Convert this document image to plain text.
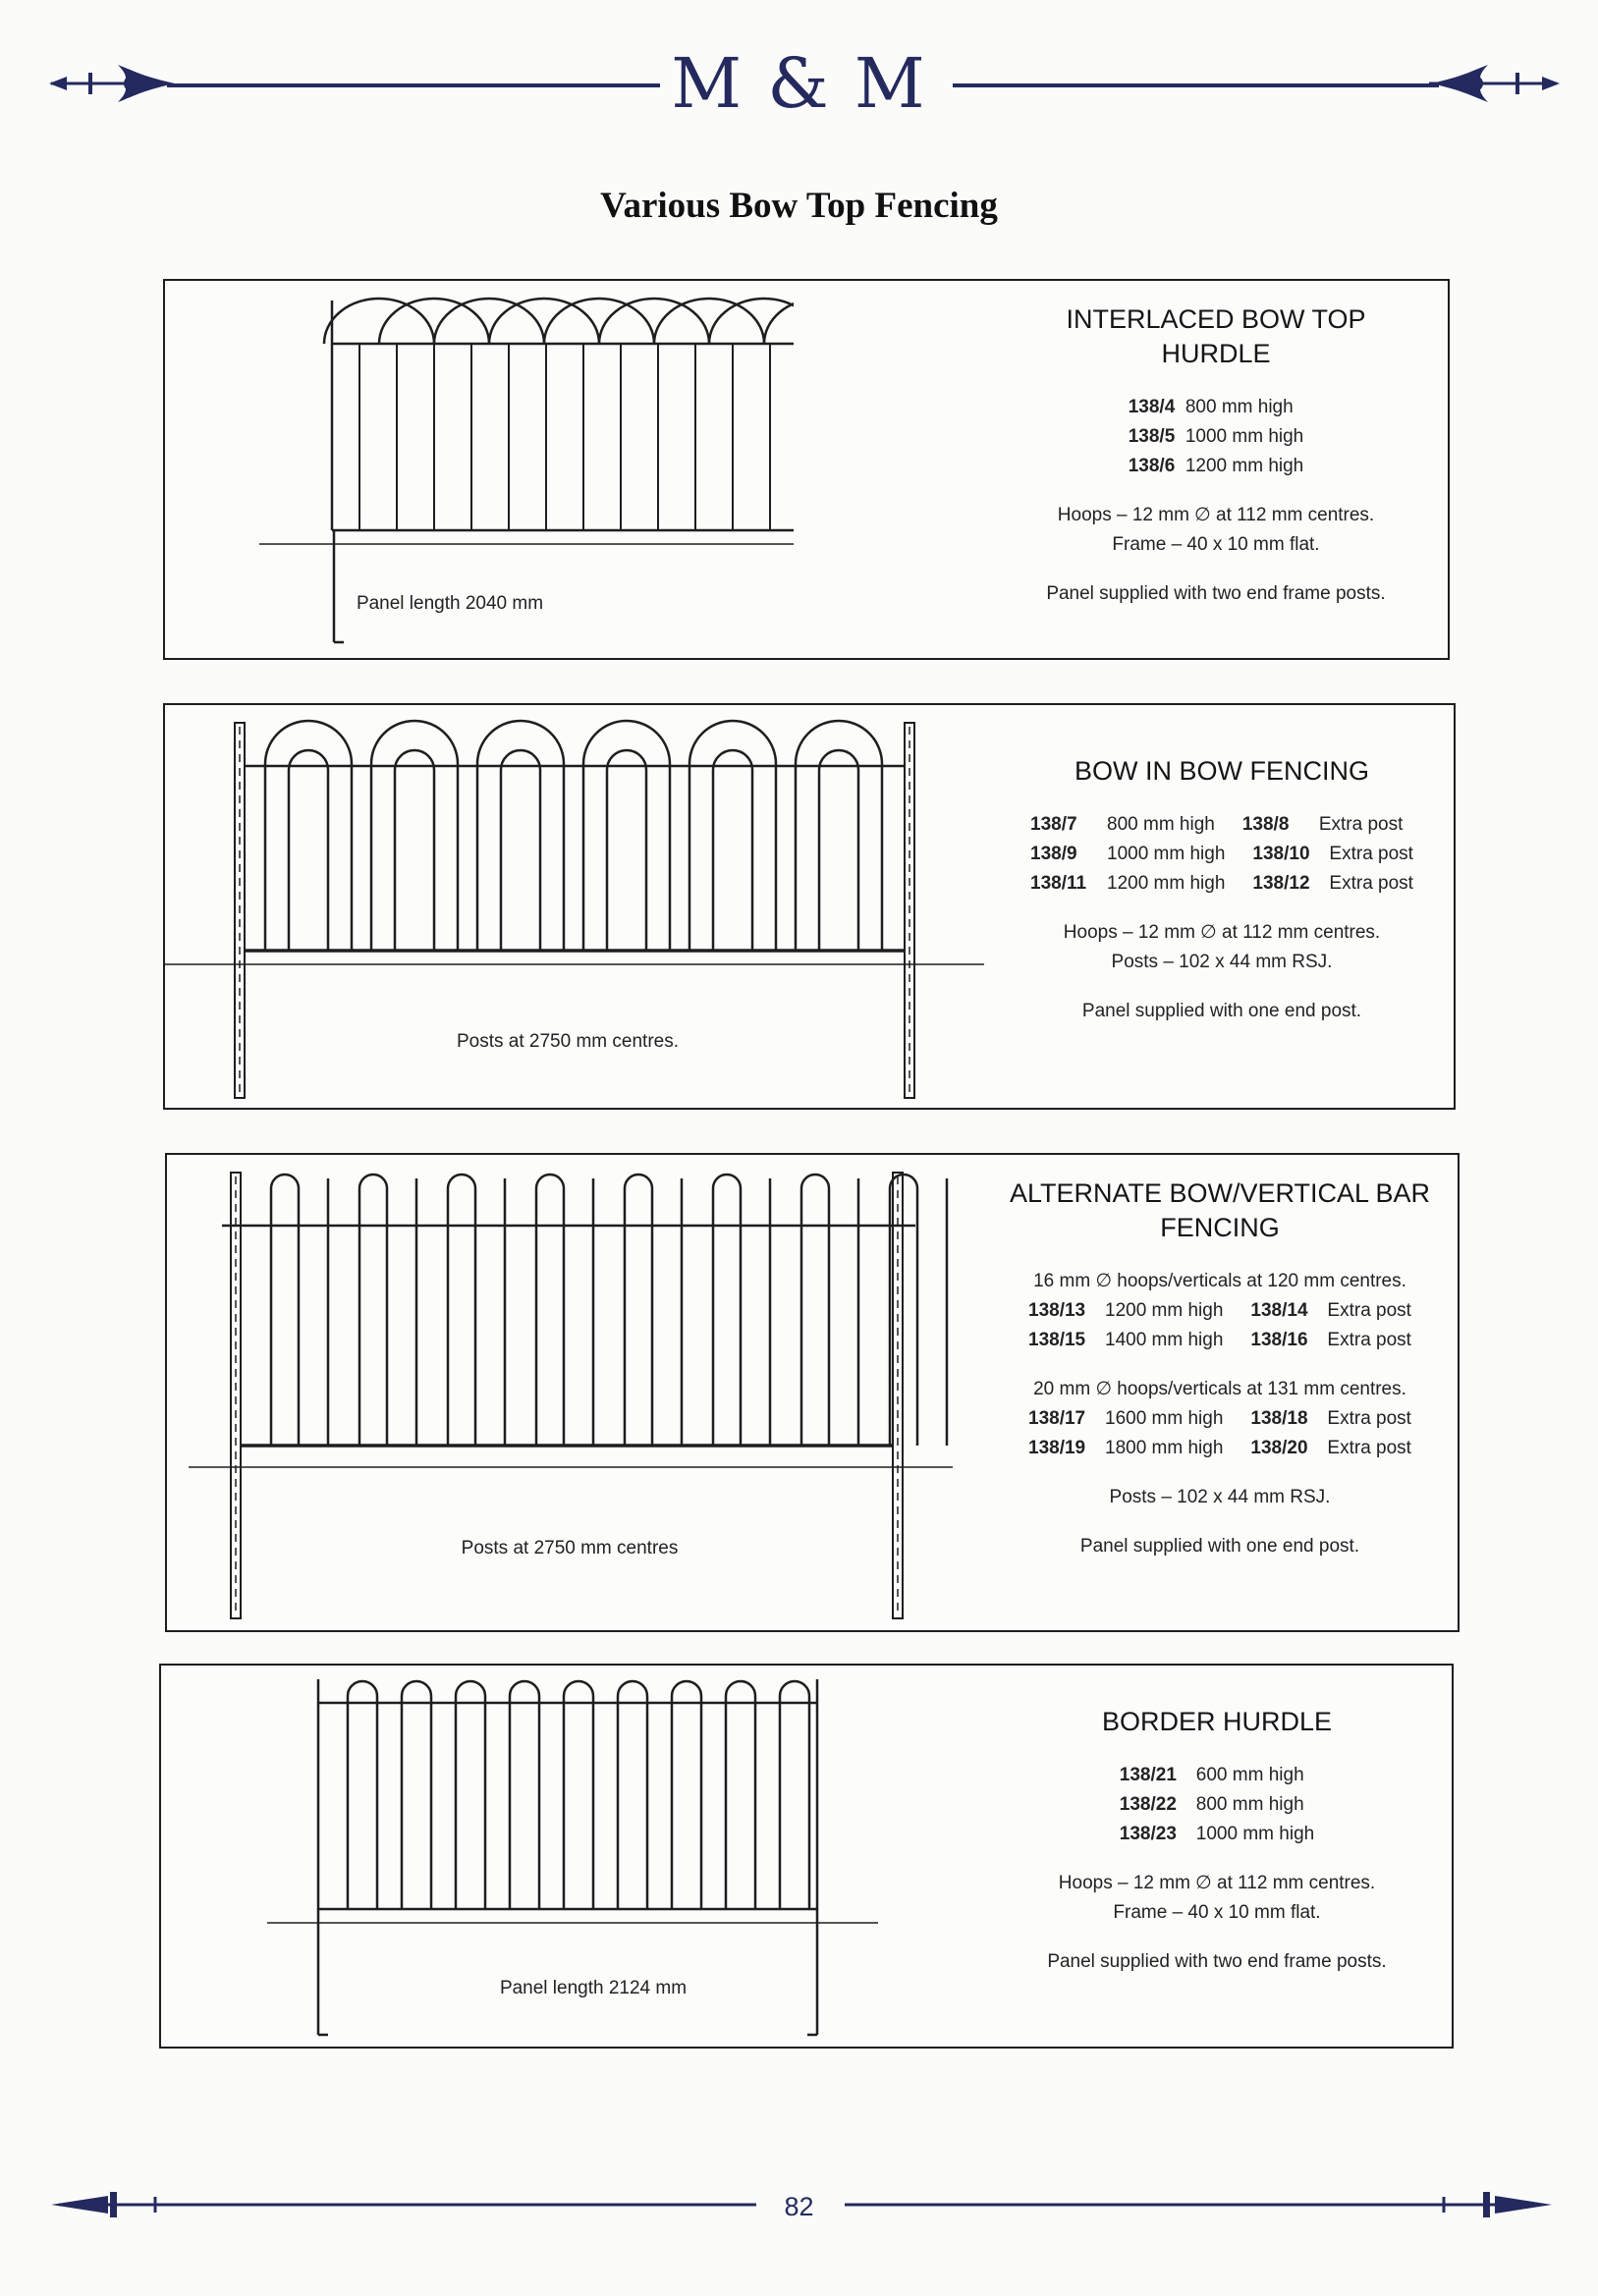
M & M
Various Bow Top Fencing
Panel length 2040 mm
INTERLACED BOW TOP HURDLE
138/4 800 mm high
138/5 1000 mm high
138/6 1200 mm high
Hoops – 12 mm ∅ at 112 mm centres.
Frame – 40 x 10 mm flat.
Panel supplied with two end frame posts.
Posts at 2750 mm centres.
BOW IN BOW FENCING
138/7 800 mm high 138/8 Extra post
138/9 1000 mm high 138/10 Extra post
138/11 1200 mm high 138/12 Extra post
Hoops – 12 mm ∅ at 112 mm centres.
Posts – 102 x 44 mm RSJ.
Panel supplied with one end post.
Posts at 2750 mm centres
ALTERNATE BOW/VERTICAL BAR FENCING
16 mm ∅ hoops/verticals at 120 mm centres.
138/13 1200 mm high 138/14 Extra post
138/15 1400 mm high 138/16 Extra post
20 mm ∅ hoops/verticals at 131 mm centres.
138/17 1600 mm high 138/18 Extra post
138/19 1800 mm high 138/20 Extra post
Posts – 102 x 44 mm RSJ.
Panel supplied with one end post.
Panel length 2124 mm
BORDER HURDLE
138/21 600 mm high
138/22 800 mm high
138/23 1000 mm high
Hoops – 12 mm ∅ at 112 mm centres.
Frame – 40 x 10 mm flat.
Panel supplied with two end frame posts.
82
